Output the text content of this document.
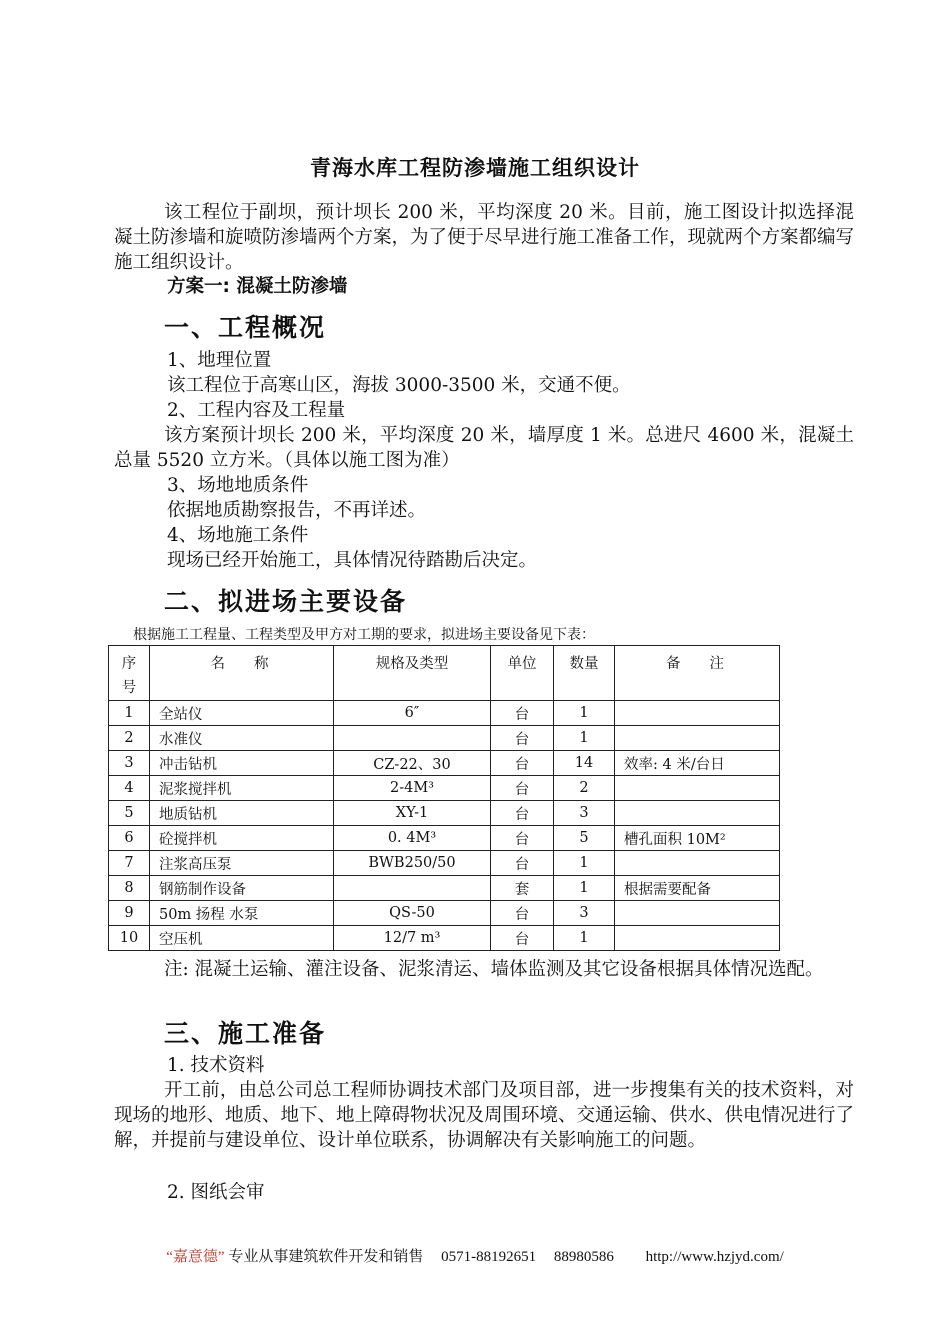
青海水库工程防渗墙施工组织设计
该工程位于副坝，预计坝长 200 米，平均深度 20 米。目前，施工图设计拟选择混凝土防渗墙和旋喷防渗墙两个方案，为了便于尽早进行施工准备工作，现就两个方案都编写施工组织设计。
方案一: 混凝土防渗墙
一、工程概况
1、地理位置
该工程位于高寒山区，海拔 3000-3500 米，交通不便。
2、工程内容及工程量
该方案预计坝长 200 米，平均深度 20 米，墙厚度 1 米。总进尺 4600 米，混凝土总量 5520 立方米。（具体以施工图为准）
3、场地地质条件
依据地质勘察报告，不再详述。
4、场地施工条件
现场已经开始施工，具体情况待踏勘后决定。
二、拟进场主要设备
根据施工工程量、工程类型及甲方对工期的要求，拟进场主要设备见下表：
序
号	名　　称	规格及类型	单位	数量	备　　注
1	全站仪	6″	台	1	
2	水准仪		台	1	
3	冲击钻机	CZ-22、30	台	14	效率: 4 米/台日
4	泥浆搅拌机	2-4M³	台	2	
5	地质钻机	XY-1	台	3	
6	砼搅拌机	0. 4M³	台	5	槽孔面积 10M²
7	注浆高压泵	BWB250/50	台	1	
8	钢筋制作设备		套	1	根据需要配备
9	50m 扬程 水泵	QS-50	台	3	
10	空压机	12/7 m³	台	1	
注: 混凝土运输、灌注设备、泥浆清运、墙体监测及其它设备根据具体情况选配。
三、施工准备
1. 技术资料
开工前，由总公司总工程师协调技术部门及项目部，进一步搜集有关的技术资料，对现场的地形、地质、地下、地上障碍物状况及周围环境、交通运输、供水、供电情况进行了解，并提前与建设单位、设计单位联系，协调解决有关影响施工的问题。
2. 图纸会审
“嘉意德” 专业从事建筑软件开发和销售 0571-88192651 88980586 http://www.hzjyd.com/
